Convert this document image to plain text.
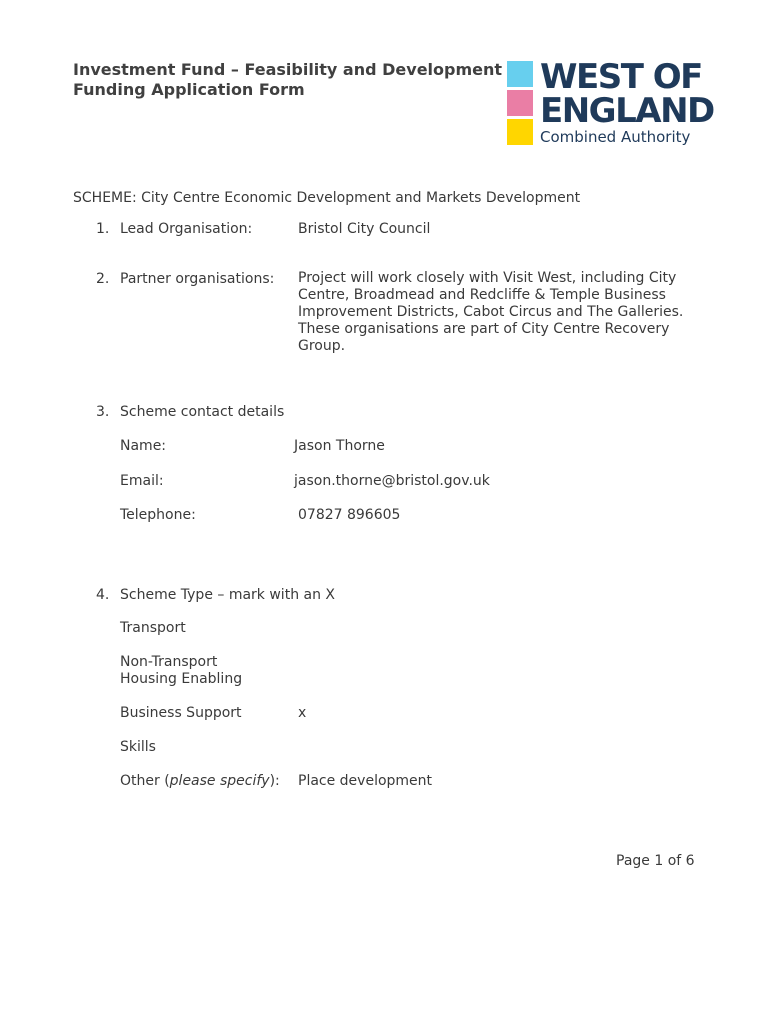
Investment Fund – Feasibility and Development
Funding Application Form	WEST OF
ENGLAND
Combined Authority
SCHEME: City Centre Economic Development and Markets Development
1. Lead Organisation:	Bristol City Council
2. Partner organisations: Project will work closely with Visit West, including City Centre, Broadmead and Redcliffe & Temple Business Improvement Districts, Cabot Circus and The Galleries. These organisations are part of City Centre Recovery Group.
3. Scheme contact details
Name:	Jason Thorne
Email:	jason.thorne@bristol.gov.uk
Telephone:	07827 896605
4. Scheme Type – mark with an X
Transport
Non-Transport
Housing Enabling
Business Support	x
Skills
Other (please specify): Place development
Page 1 of 6
